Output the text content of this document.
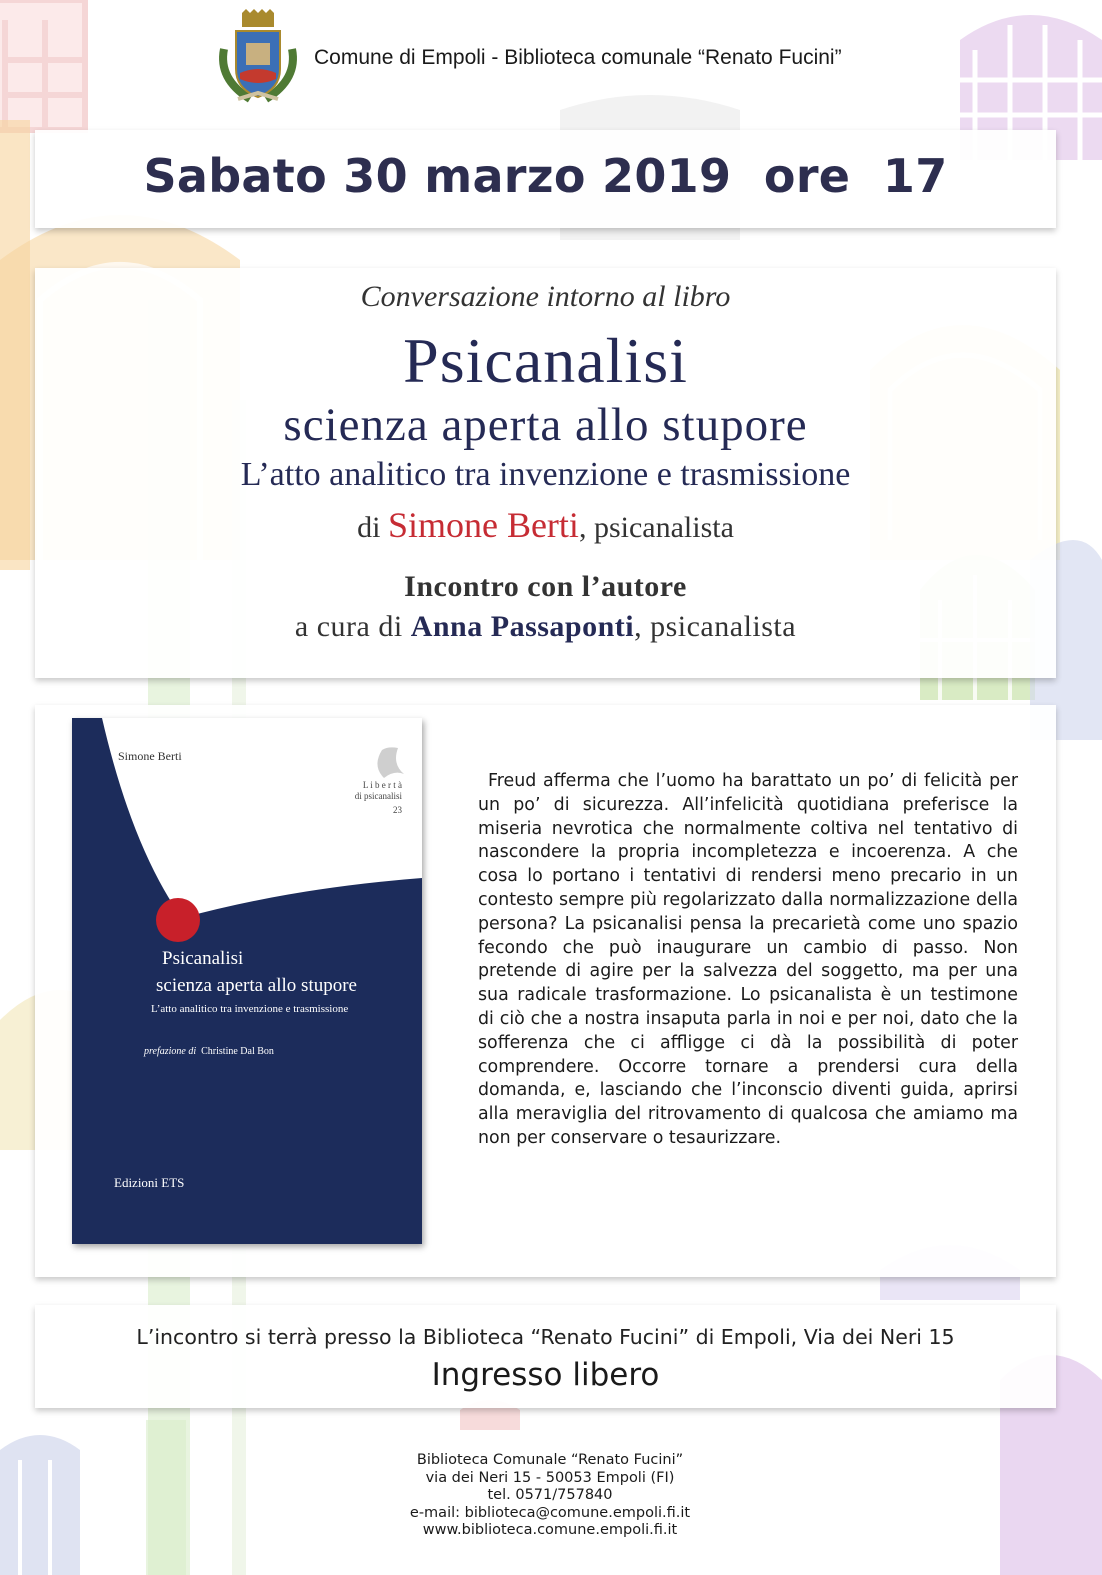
Comune di Empoli - Biblioteca comunale “Renato Fucini”
Sabato 30 marzo 2019  ore  17
Conversazione intorno al libro
Psicanalisi
scienza aperta allo stupore
L’atto analitico tra invenzione e trasmissione
di Simone Berti, psicanalista
Incontro con l’autore
a cura di Anna Passaponti, psicanalista
Simone Berti
L i b e r t à
di psicanalisi
23
Psicanalisi
scienza aperta allo stupore
L’atto analitico tra invenzione e trasmissione
prefazione di Christine Dal Bon
Edizioni ETS
Freud afferma che l’uomo ha barattato un po’ di felicità per un po’ di sicurezza. All’infelicità quotidiana preferisce la miseria nevrotica che normalmente coltiva nel tentativo di nascondere la propria incompletezza e incoerenza. A che cosa lo portano i tentativi di rendersi meno precario in un contesto sempre più regolarizzato dalla normalizzazione della persona? La psicanalisi pensa la precarietà come uno spazio fecondo che può inaugurare un cambio di passo. Non pretende di agire per la salvezza del soggetto, ma per una sua radicale trasformazione. Lo psicanalista è un testimone di ciò che a nostra insaputa parla in noi e per noi, dato che la sofferenza che ci affligge ci dà la possibilità di poter comprendere. Occorre tornare a prendersi cura della domanda, e, lasciando che l’inconscio diventi guida, aprirsi alla meraviglia del ritrovamento di qualcosa che amiamo ma non per conservare o tesaurizzare.
L’incontro si terrà presso la Biblioteca “Renato Fucini” di Empoli, Via dei Neri 15
Ingresso libero
Biblioteca Comunale “Renato Fucini”
via dei Neri 15 - 50053 Empoli (FI)
tel. 0571/757840
e-mail: biblioteca@comune.empoli.fi.it
www.biblioteca.comune.empoli.fi.it
